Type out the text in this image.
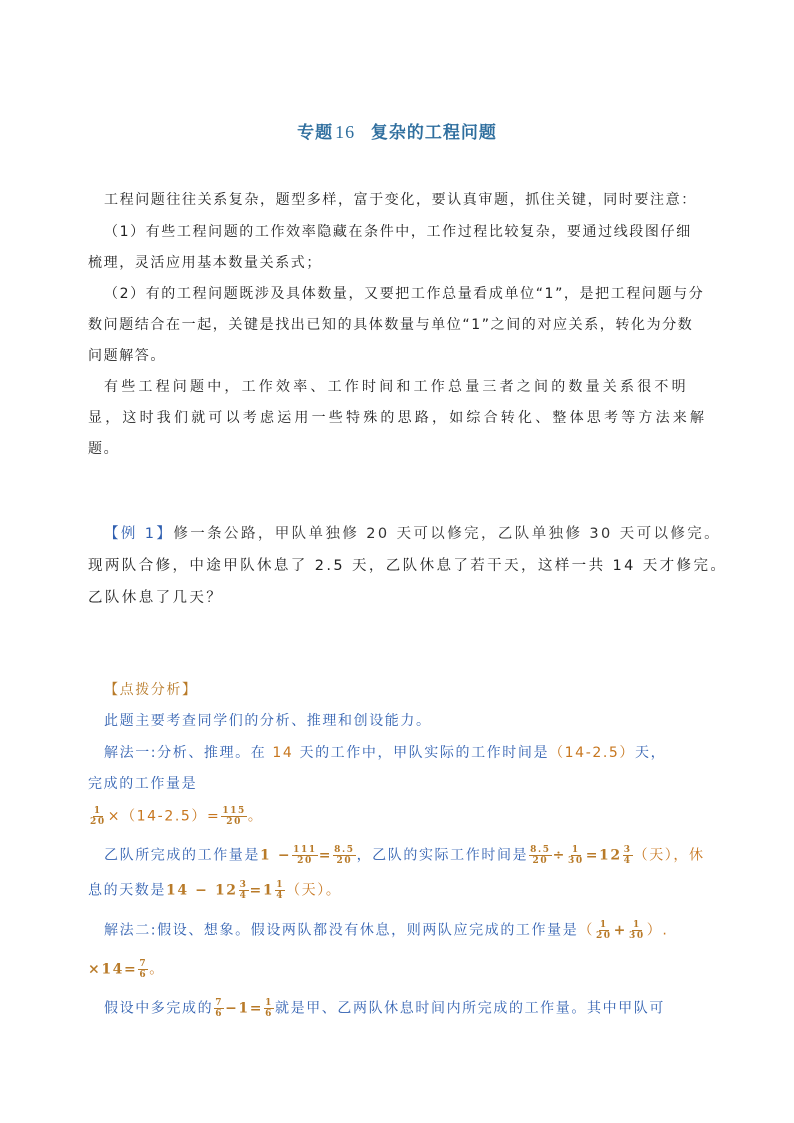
专题 16 复杂的工程问题
工程问题往往关系复杂，题型多样，富于变化，要认真审题，抓住关键，同时要注意：
（1）有些工程问题的工作效率隐藏在条件中，工作过程比较复杂，要通过线段图仔细
梳理，灵活应用基本数量关系式；
（2）有的工程问题既涉及具体数量，又要把工作总量看成单位“1”，是把工程问题与分
数问题结合在一起，关键是找出已知的具体数量与单位“1”之间的对应关系，转化为分数
问题解答。
有些工程问题中，工作效率、工作时间和工作总量三者之间的数量关系很不明
显，这时我们就可以考虑运用一些特殊的思路，如综合转化、整体思考等方法来解
题。
【例 1】修一条公路，甲队单独修 20 天可以修完，乙队单独修 30 天可以修完。
现两队合修，中途甲队休息了 2.5 天，乙队休息了若干天，这样一共 14 天才修完。
乙队休息了几天？
【点拨分析】
此题主要考查同学们的分析、推理和创设能力。
解法一:分析、推理。在 14 天的工作中，甲队实际的工作时间是（14-2.5）天，
完成的工作量是
$\frac{1}{20} \times(14-2.5)= \frac{115}{20}$ 。
乙队所完成的工作量是$1 - \frac{111}{20} = \frac{8.5}{20}$ ，乙队的实际工作时间是 $\frac{8.5}{20} \div \frac{1}{30} =12 \frac{3}{4}$ （天），休
息的天数是$14 - 12 \frac{3}{4} =1 \frac{1}{4}$ （天）。
解法二:假设、想象。假设两队都没有休息，则两队应完成的工作量是（ $\frac{1}{20} + \frac{1}{30}$ ）.
$\times 14= \frac{7}{6}$ 。
假设中多完成的 $\frac{7}{6} -1= \frac{1}{6}$ 就是甲、乙两队休息时间内所完成的工作量。其中甲队可
